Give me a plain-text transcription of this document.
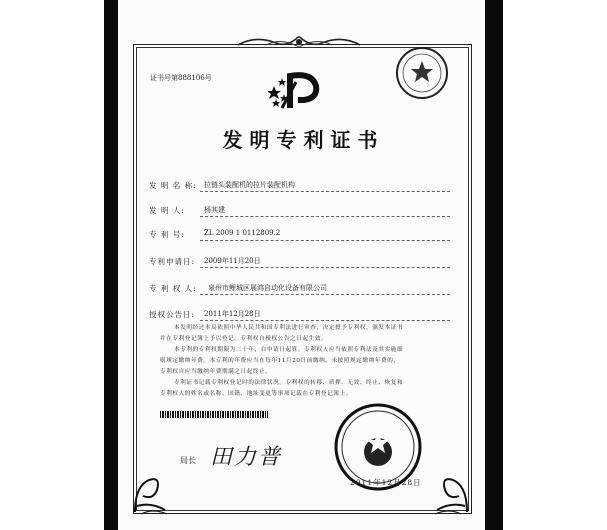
证书号第888106号
发明专利证书
发 明 名 称: 拉链头装配机的拉片装配机构
发 明 人:	杨其建
专 利 号:	ZL 2009 1 0112809.2
专利申请日: 2009年11月20日
专 利 权 人: 泉州市鲤城区展鸿自动化设备有限公司
授权公告日: 2011年12月28日
本发明经过本局依照中华人民共和国专利法进行审查，决定授予专利权，颁发本证书
并在专利登记簿上予以登记。专利权自授权公告之日起生效。
本专利的专利权期限为二十年，自申请日起算。专利权人应当依照专利法及其实施细
则规定缴纳年费。本专利的年费应当在每年11月20日前缴纳。未按照规定缴纳年费的，
专利权自应当缴纳年费期满之日起终止。
专利证书记载专利权登记时的法律状况。专利权的转移、质押、无效、终止、恢复和
专利权人的姓名或名称、国籍、地址变更等事项记载在专利登记簿上。
局长 田力普
2011年12月28日
